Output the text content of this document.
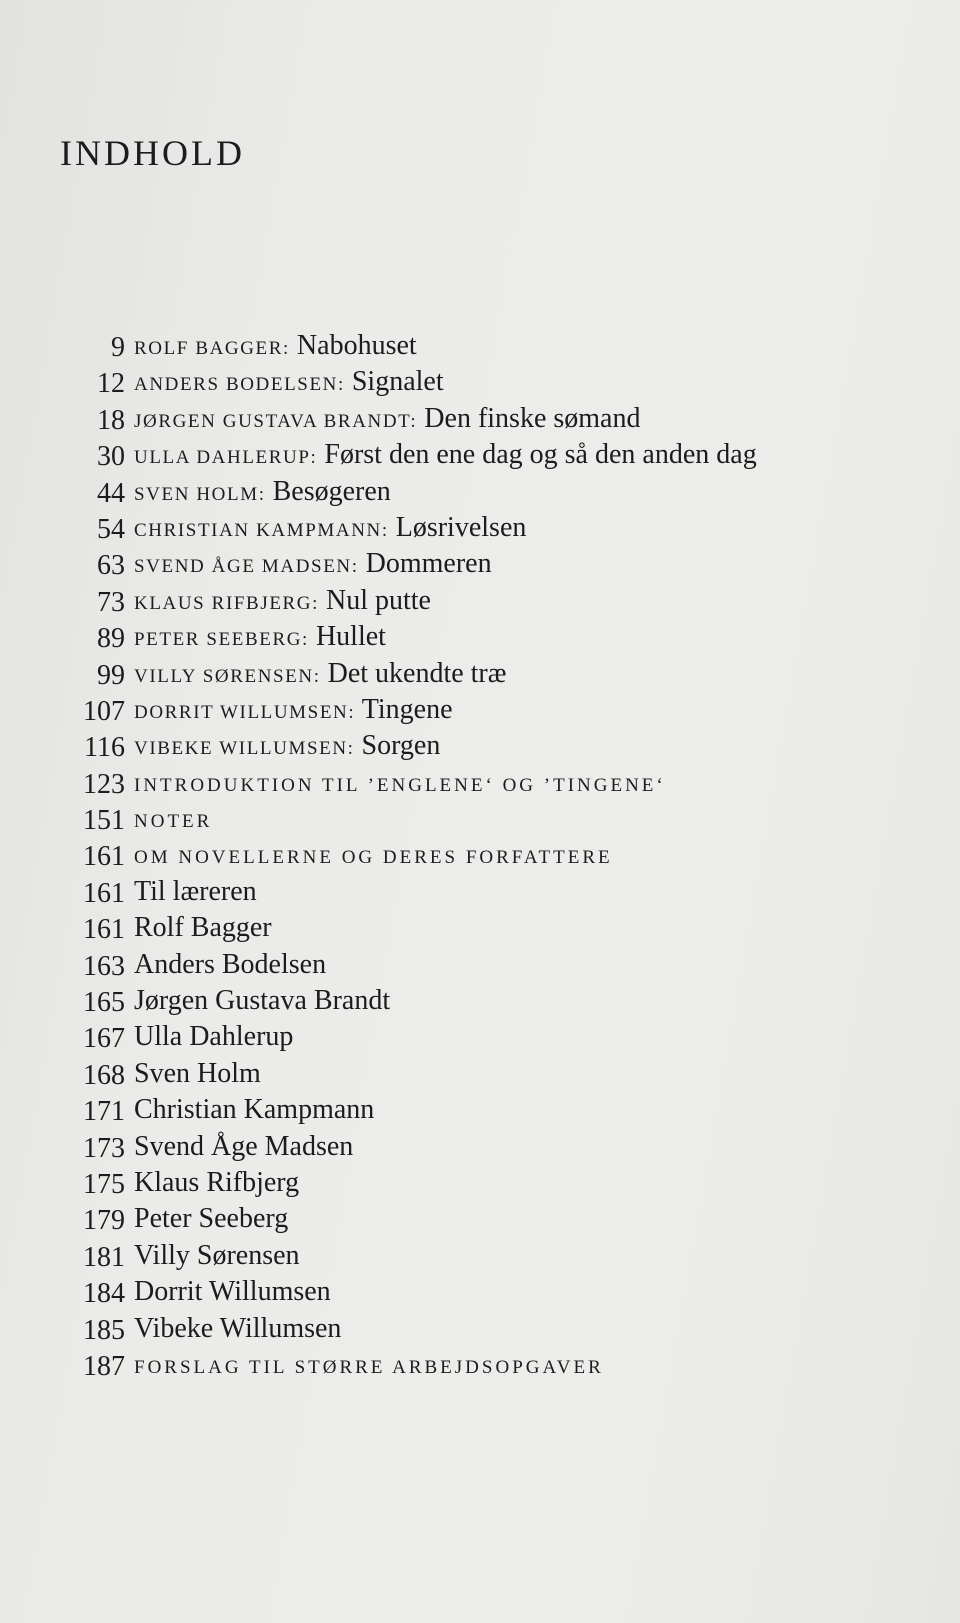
INDHOLD
9 ROLF BAGGER: Nabohuset
12 ANDERS BODELSEN: Signalet
18 JØRGEN GUSTAVA BRANDT: Den finske sømand
30 ULLA DAHLERUP: Først den ene dag og så den anden dag
44 SVEN HOLM: Besøgeren
54 CHRISTIAN KAMPMANN: Løsrivelsen
63 SVEND ÅGE MADSEN: Dommeren
73 KLAUS RIFBJERG: Nul putte
89 PETER SEEBERG: Hullet
99 VILLY SØRENSEN: Det ukendte træ
107 DORRIT WILLUMSEN: Tingene
116 VIBEKE WILLUMSEN: Sorgen
123 INTRODUKTION TIL ’ENGLENE‘ OG ’TINGENE‘
151 NOTER
161 OM NOVELLERNE OG DERES FORFATTERE
161 Til læreren
161 Rolf Bagger
163 Anders Bodelsen
165 Jørgen Gustava Brandt
167 Ulla Dahlerup
168 Sven Holm
171 Christian Kampmann
173 Svend Åge Madsen
175 Klaus Rifbjerg
179 Peter Seeberg
181 Villy Sørensen
184 Dorrit Willumsen
185 Vibeke Willumsen
187 FORSLAG TIL STØRRE ARBEJDSOPGAVER
